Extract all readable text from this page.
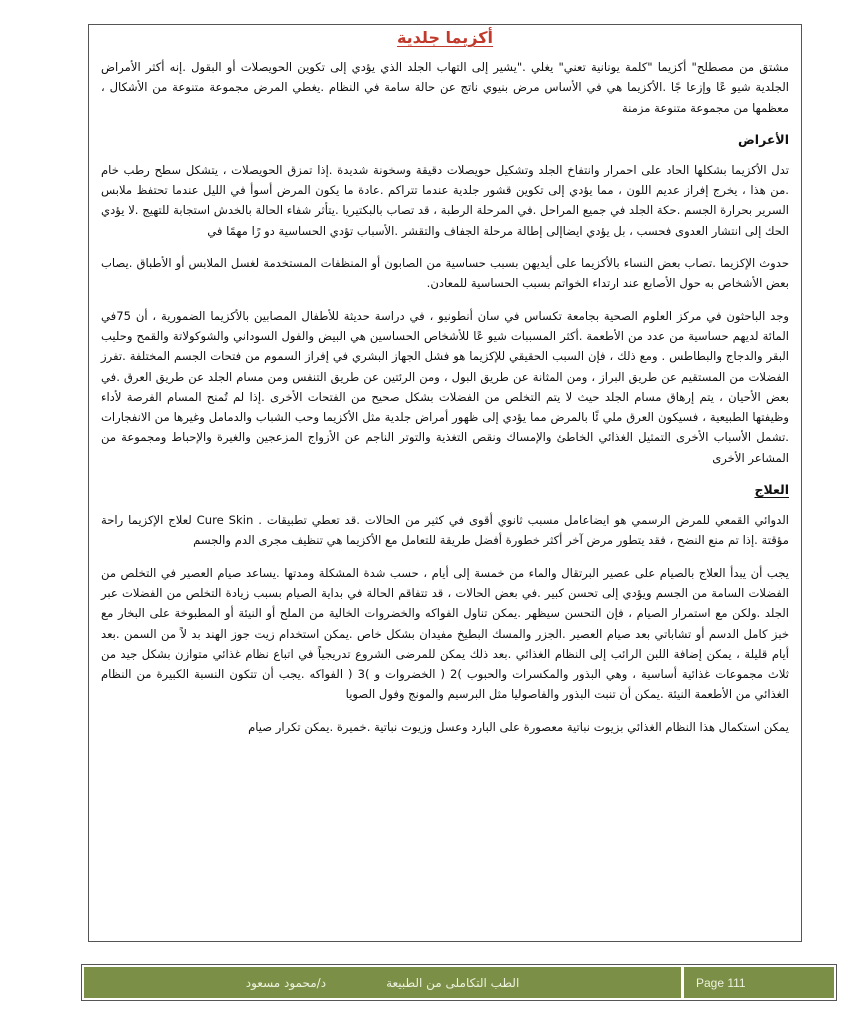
أكزيما جلدية

مشتق من مصطلح" أكزيما "كلمة يونانية تعني" يغلي ."يشير إلى التهاب الجلد الذي يؤدي إلى تكوين الحويصلات أو البقول .إنه أكثر الأمراض الجلدية شيو عًا وإزعا جًا .الأكزيما هي في الأساس مرض بنيوي ناتج عن حالة سامة في النظام .يغطي المرض مجموعة متنوعة من الأشكال ، معظمها من مجموعة متنوعة مزمنة

الأعراض

تدل الأكزيما بشكلها الحاد على احمرار وانتفاخ الجلد وتشكيل حويصلات دقيقة وسخونة شديدة .إذا تمزق الحويصلات ، يتشكل سطح رطب خام .من هذا ، يخرج إفراز عديم اللون ، مما يؤدي إلى تكوين قشور جلدية عندما تتراكم .عادة ما يكون المرض أسوأ في الليل عندما تحتفظ ملابس السرير بحرارة الجسم .حكة الجلد في جميع المراحل .في المرحلة الرطبة ، قد تصاب بالبكتيريا .يتأثر شفاء الحالة بالخدش استجابة للتهيج .لا يؤدي الحك إلى انتشار العدوى فحسب ، بل يؤدي ايضاإلى إطالة مرحلة الجفاف والتقشر .الأسباب تؤدي الحساسية دو رًا مهمًا في

حدوث الإكزيما .تصاب بعض النساء بالأكزيما على أيديهن بسبب حساسية من الصابون أو المنظفات المستخدمة لغسل الملابس أو الأطباق .يصاب بعض الأشخاص به حول الأصابع عند ارتداء الخواتم بسبب الحساسية للمعادن.

وجد الباحثون في مركز العلوم الصحية بجامعة تكساس في سان أنطونيو ، في دراسة حديثة للأطفال المصابين بالأكزيما الضمورية ، أن 75في المائة لديهم حساسية من عدد من الأطعمة .أكثر المسببات شيو عًا للأشخاص الحساسين هي البيض والفول السوداني والشوكولاتة والقمح وحليب البقر والدجاج والبطاطس . ومع ذلك ، فإن السبب الحقيقي للإكزيما هو فشل الجهاز البشري في إفراز السموم من فتحات الجسم المختلفة .تفرز الفضلات من المستقيم عن طريق البراز ، ومن المثانة عن طريق البول ، ومن الرئتين عن طريق التنفس ومن مسام الجلد عن طريق العرق .في بعض الأحيان ، يتم إرهاق مسام الجلد حيث لا يتم التخلص من الفضلات بشكل صحيح من الفتحات الأخرى .إذا لم تُمنح المسام الفرصة لأداء وظيفتها الطبيعية ، فسيكون العرق ملي ئًا بالمرض مما يؤدي إلى ظهور أمراض جلدية مثل الأكزيما وحب الشباب والدمامل وغيرها من الانفجارات .تشمل الأسباب الأخرى التمثيل الغذائي الخاطئ والإمساك ونقص التغذية والتوتر الناجم عن الأزواج المزعجين والغيرة والإحباط ومجموعة من المشاعر الأخرى

العلاج

الدوائي القمعي للمرض الرسمي هو ايضاعامل مسبب ثانوي أقوى في كثير من الحالات .قد تعطي تطبيقات . Cure Skin لعلاج الإكزيما راحة مؤقتة .إذا تم منع النضح ، فقد يتطور مرض آخر أكثر خطورة أفضل طريقة للتعامل مع الأكزيما هي تنظيف مجرى الدم والجسم

يجب أن يبدأ العلاج بالصيام على عصير البرتقال والماء من خمسة إلى أيام ، حسب شدة المشكلة ومدتها .يساعد صيام العصير في التخلص من الفضلات السامة من الجسم ويؤدي إلى تحسن كبير .في بعض الحالات ، قد تتفاقم الحالة في بداية الصيام بسبب زيادة التخلص من الفضلات عبر الجلد .ولكن مع استمرار الصيام ، فإن التحسن سيظهر .يمكن تناول الفواكه والخضروات الخالية من الملح أو النيئة أو المطبوخة على البخار مع خبز كامل الدسم أو تشاباتي بعد صيام العصير .الجزر والمسك البطيخ مفيدان بشكل خاص .يمكن استخدام زيت جوز الهند بد لاً من السمن .بعد أيام قليلة ، يمكن إضافة اللبن الرائب إلى النظام الغذائي .بعد ذلك يمكن للمرضى الشروع تدريجياً في اتباع نظام غذائي متوازن بشكل جيد من ثلاث مجموعات غذائية أساسية ، وهي البذور والمكسرات والحبوب )2 ( الخضروات و )3 ( الفواكه .يجب أن تتكون النسبة الكبيرة من النظام الغذائي من الأطعمة النيئة .يمكن أن تنبت البذور والفاصوليا مثل البرسيم والمونج وفول الصويا

يمكن استكمال هذا النظام الغذائي بزيوت نباتية معصورة على البارد وعسل وزيوت نباتية .خميرة .يمكن تكرار صيام

الطب التكاملى من الطبيعة
د/محمود مسعود	Page 111
